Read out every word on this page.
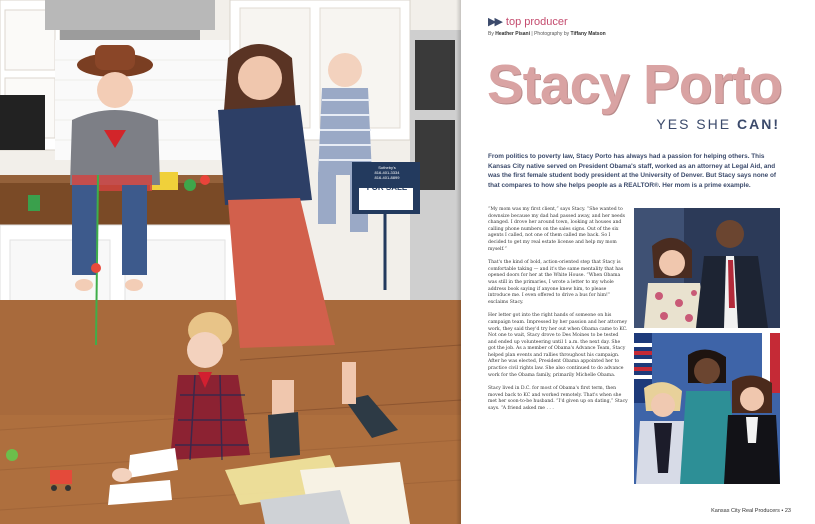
Sotheby's
816-401-3334
816-401-8899
FOR SALE
▶▶ top producer
By Heather Pisani | Photography by Tiffany Matson
Stacy Porto
YES SHE CAN!
From politics to poverty law, Stacy Porto has always had a passion for helping others. This Kansas City native served on President Obama's staff, worked as an attorney at Legal Aid, and was the first female student body president at the University of Denver. But Stacy says none of that compares to how she helps people as a REALTOR®. Her mom is a prime example.

“My mom was my first client,” says Stacy. “She wanted to downsize because my dad had passed away, and her needs changed. I drove her around town, looking at houses and calling phone numbers on the sales signs. Out of the six agents I called, not one of them called me back. So I decided to get my real estate license and help my mom myself.”

That's the kind of bold, action-oriented step that Stacy is comfortable taking — and it's the same mentality that has opened doors for her at the White House. “When Obama was still in the primaries, I wrote a letter to my whole address book saying if anyone knew him, to please introduce me. I even offered to drive a bus for him!” exclaims Stacy.

Her letter got into the right hands of someone on his campaign team. Impressed by her passion and her attorney work, they said they'd try her out when Obama came to KC. Not one to wait, Stacy drove to Des Moines to be tested and ended up volunteering until 1 a.m. the next day. She got the job. As a member of Obama's Advance Team, Stacy helped plan events and rallies throughout his campaign. After he was elected, President Obama appointed her to practice civil rights law. She also continued to do advance work for the Obama family, primarily Michelle Obama.

Stacy lived in D.C. for most of Obama's first term, then moved back to KC and worked remotely. That's when she met her soon-to-be husband. “I'd given up on dating,” Stacy says. “A friend asked me . . .

Kansas City Real Producers • 23
